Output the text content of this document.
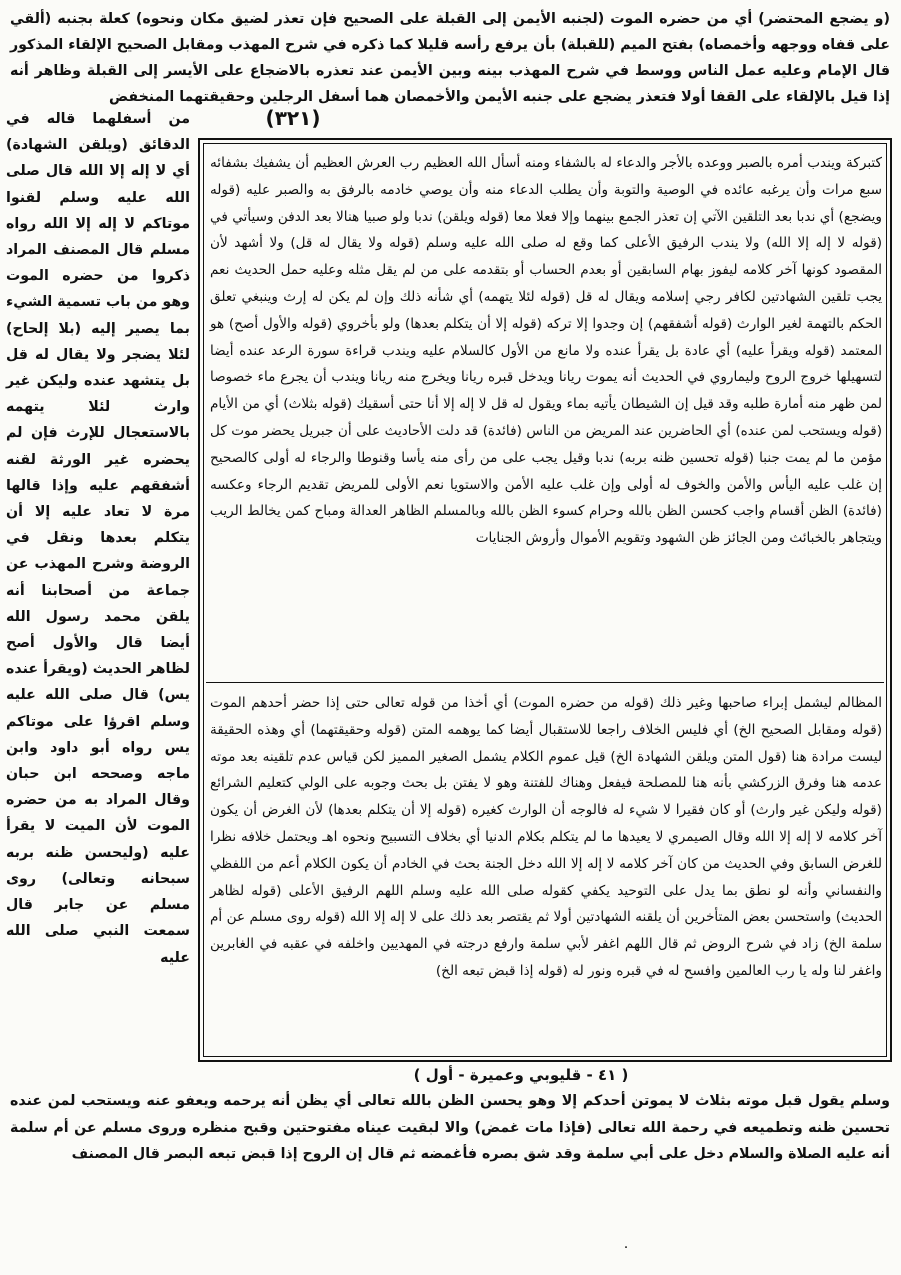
(و يضجع المحتضر) أي من حضره الموت (لجنبه الأيمن إلى القبلة على الصحيح فإن تعذر لضيق مكان ونحوه) كعلة بجنبه (ألقي على قفاه ووجهه وأخمصاه) بفتح الميم (للقبلة) بأن يرفع رأسه قليلا كما ذكره في شرح المهذب ومقابل الصحيح الإلقاء المذكور قال الإمام وعليه عمل الناس ووسط في شرح المهذب بينه وبين الأيمن عند تعذره بالاضجاع على الأيسر إلى القبلة وظاهر أنه إذا قيل بالإلقاء على القفا أولا فتعذر يضجع على جنبه الأيمن والأخمصان هما أسفل الرجلين وحقيقتهما المنخفض

(٣٢١)

من أسفلهما قاله في الدقائق (ويلقن الشهادة) أي لا إله إلا الله قال صلى الله عليه وسلم لقنوا موتاكم لا إله إلا الله رواه مسلم قال المصنف المراد ذكروا من حضره الموت وهو من باب تسمية الشيء بما يصير إليه (بلا إلحاح) لئلا يضجر ولا يقال له قل بل يتشهد عنده وليكن غير وارث لئلا يتهمه بالاستعجال للإرث فإن لم يحضره غير الورثة لقنه أشفقهم عليه وإذا قالها مرة لا تعاد عليه إلا أن يتكلم بعدها ونقل في الروضة وشرح المهذب عن جماعة من أصحابنا أنه يلقن محمد رسول الله أيضا قال والأول أصح لظاهر الحديث (ويقرأ عنده يس) قال صلى الله عليه وسلم اقرؤا على موتاكم يس رواه أبو داود وابن ماجه وصححه ابن حبان وقال المراد به من حضره الموت لأن الميت لا يقرأ عليه (وليحسن ظنه بربه سبحانه وتعالى) روى مسلم عن جابر قال سمعت النبي صلى الله عليه

كتبركة ويندب أمره بالصبر ووعده بالأجر والدعاء له بالشفاء ومنه أسأل الله العظيم رب العرش العظيم أن يشفيك بشفائه سبع مرات وأن يرغبه عائده في الوصية والتوبة وأن يطلب الدعاء منه وأن يوصي خادمه بالرفق به والصبر عليه (قوله ويضجع) أي ندبا بعد التلقين الآتي إن تعذر الجمع بينهما وإلا فعلا معا (قوله ويلقن) ندبا ولو صبيا هنالا بعد الدفن وسيأتي في (قوله لا إله إلا الله) ولا يندب الرفيق الأعلى كما وقع له صلى الله عليه وسلم (قوله ولا يقال له قل) ولا أشهد لأن المقصود كونها آخر كلامه ليفوز بهام السابقين أو بعدم الحساب أو بتقدمه على من لم يقل مثله وعليه حمل الحديث نعم يجب تلقين الشهادتين لكافر رجي إسلامه ويقال له قل (قوله لئلا يتهمه) أي شأنه ذلك وإن لم يكن له إرث وينبغي تعلق الحكم بالتهمة لغير الوارث (قوله أشفقهم) إن وجدوا إلا تركه (قوله إلا أن يتكلم بعدها) ولو بأخروي (قوله والأول أصح) هو المعتمد (قوله ويقرأ عليه) أي عادة بل يقرأ عنده ولا مانع من الأول كالسلام عليه ويندب قراءة سورة الرعد عنده أيضا لتسهيلها خروج الروح وليماروي في الحديث أنه يموت ريانا ويدخل قبره ريانا ويخرج منه ريانا ويندب أن يجرع ماء خصوصا لمن ظهر منه أمارة طلبه وقد قيل إن الشيطان يأتيه بماء ويقول له قل لا إله إلا أنا حتى أسقيك (قوله بثلاث) أي من الأيام (قوله ويستحب لمن عنده) أي الحاضرين عند المريض من الناس (فائدة) قد دلت الأحاديث على أن جبريل يحضر موت كل مؤمن ما لم يمت جنبا (قوله تحسين ظنه بربه) ندبا وقيل يجب على من رأى منه يأسا وقنوطا والرجاء له أولى كالصحيح إن غلب عليه اليأس والأمن والخوف له أولى وإن غلب عليه الأمن والاستويا نعم الأولى للمريض تقديم الرجاء وعكسه (فائدة) الظن أقسام واجب كحسن الظن بالله وحرام كسوء الظن بالله وبالمسلم الظاهر العدالة ومباح كمن يخالط الريب ويتجاهر بالخبائث ومن الجائز ظن الشهود وتقويم الأموال وأروش الجنايات

المظالم ليشمل إبراء صاحبها وغير ذلك (قوله من حضره الموت) أي أخذا من قوله تعالى حتى إذا حضر أحدهم الموت (قوله ومقابل الصحيح الخ) أي فليس الخلاف راجعا للاستقبال أيضا كما يوهمه المتن (قوله وحقيقتهما) أي وهذه الحقيقة ليست مرادة هنا (قول المتن ويلقن الشهادة الخ) قيل عموم الكلام يشمل الصغير المميز لكن قياس عدم تلقينه بعد موته عدمه هنا وفرق الزركشي بأنه هنا للمصلحة فيفعل وهناك للفتنة وهو لا يفتن بل بحث وجوبه على الولي كتعليم الشرائع (قوله وليكن غير وارث) أو كان فقيرا لا شيء له فالوجه أن الوارث كغيره (قوله إلا أن يتكلم بعدها) لأن الغرض أن يكون آخر كلامه لا إله إلا الله وقال الصيمري لا يعيدها ما لم يتكلم بكلام الدنيا أي بخلاف التسبيح ونحوه اهـ ويحتمل خلافه نظرا للغرض السابق وفي الحديث من كان آخر كلامه لا إله إلا الله دخل الجنة بحث في الخادم أن يكون الكلام أعم من اللفظي والنفساني وأنه لو نطق بما يدل على التوحيد يكفي كقوله صلى الله عليه وسلم اللهم الرفيق الأعلى (قوله لظاهر الحديث) واستحسن بعض المتأخرين أن يلقنه الشهادتين أولا ثم يقتصر بعد ذلك على لا إله إلا الله (قوله روى مسلم عن أم سلمة الخ) زاد في شرح الروض ثم قال اللهم اغفر لأبي سلمة وارفع درجته في المهديين واخلفه في عقبه في الغابرين واغفر لنا وله يا رب العالمين وافسح له في قبره ونور له (قوله إذا قبض تبعه الخ)

( ٤١ - قليوبي وعميرة - أول )

وسلم يقول قبل موته بثلاث لا يموتن أحدكم إلا وهو يحسن الظن بالله تعالى أي يظن أنه يرحمه ويعفو عنه ويستحب لمن عنده تحسين ظنه وتطميعه في رحمة الله تعالى (فإذا مات غمض) والا لبقيت عيناه مفتوحتين وقبح منظره وروى مسلم عن أم سلمة أنه عليه الصلاة والسلام دخل على أبي سلمة وقد شق بصره فأغمضه ثم قال إن الروح إذا قبض تبعه البصر قال المصنف

٠
